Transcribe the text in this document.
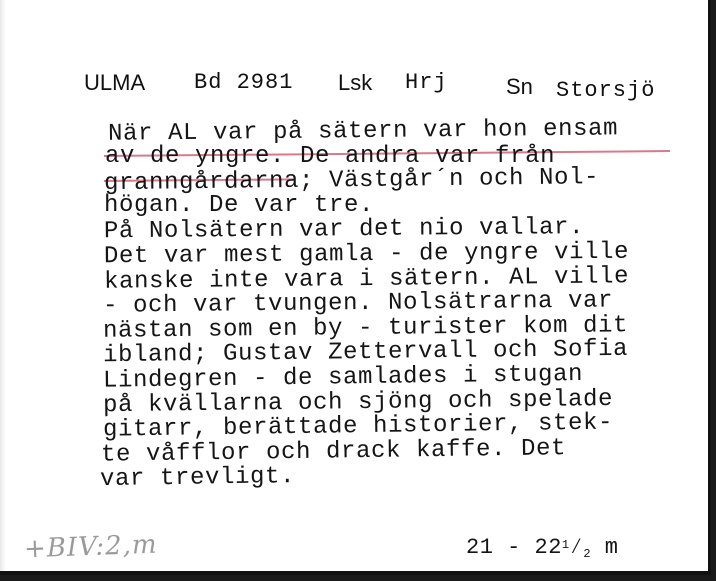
ULMA Bd 2981 Lsk Hrj	Sn Storsjö
När AL var på sätern var hon ensam
av de yngre. De andra var från
granngårdarna; Västgår´n och Nol-
högan. De var tre.
På Nolsätern var det nio vallar.
Det var mest gamla - de yngre ville
kanske inte vara i sätern. AL ville
- och var tvungen. Nolsätrarna var
nästan som en by - turister kom dit
ibland; Gustav Zettervall och Sofia
Lindegren - de samlades i stugan
på kvällarna och sjöng och spelade
gitarr, berättade historier, stek-
te våfflor och drack kaffe. Det
var trevligt.
+BIV:2,m	$21 - 22^1⁄_2$ m
